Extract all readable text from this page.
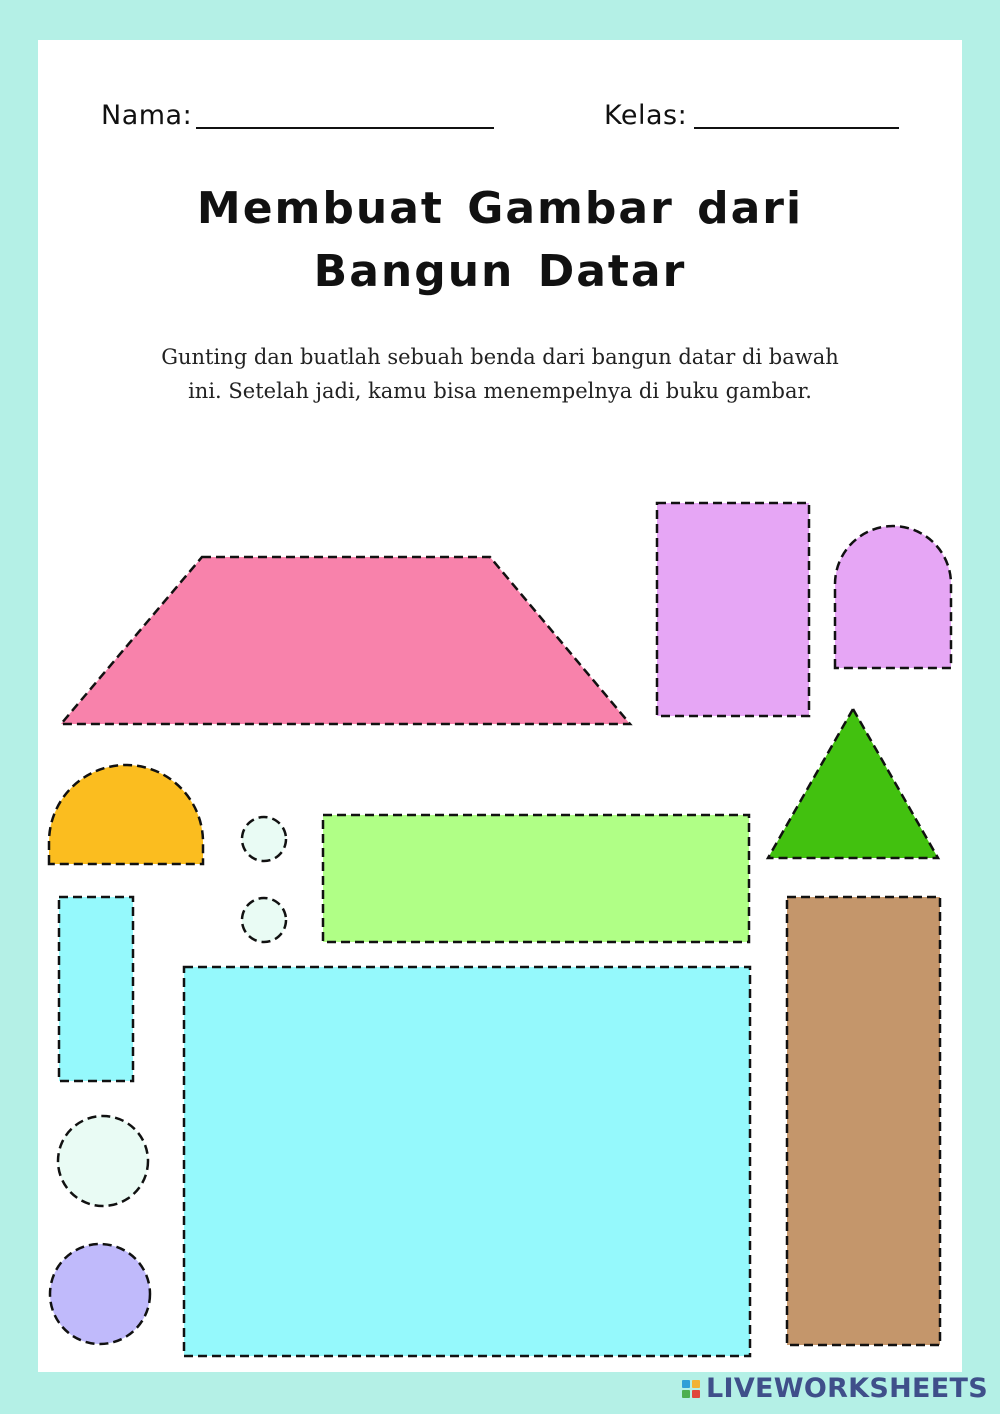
Nama:	Kelas:
Membuat Gambar dari
Bangun Datar
Gunting dan buatlah sebuah benda dari bangun datar di bawah
ini. Setelah jadi, kamu bisa menempelnya di buku gambar.
LIVEWORKSHEETS
